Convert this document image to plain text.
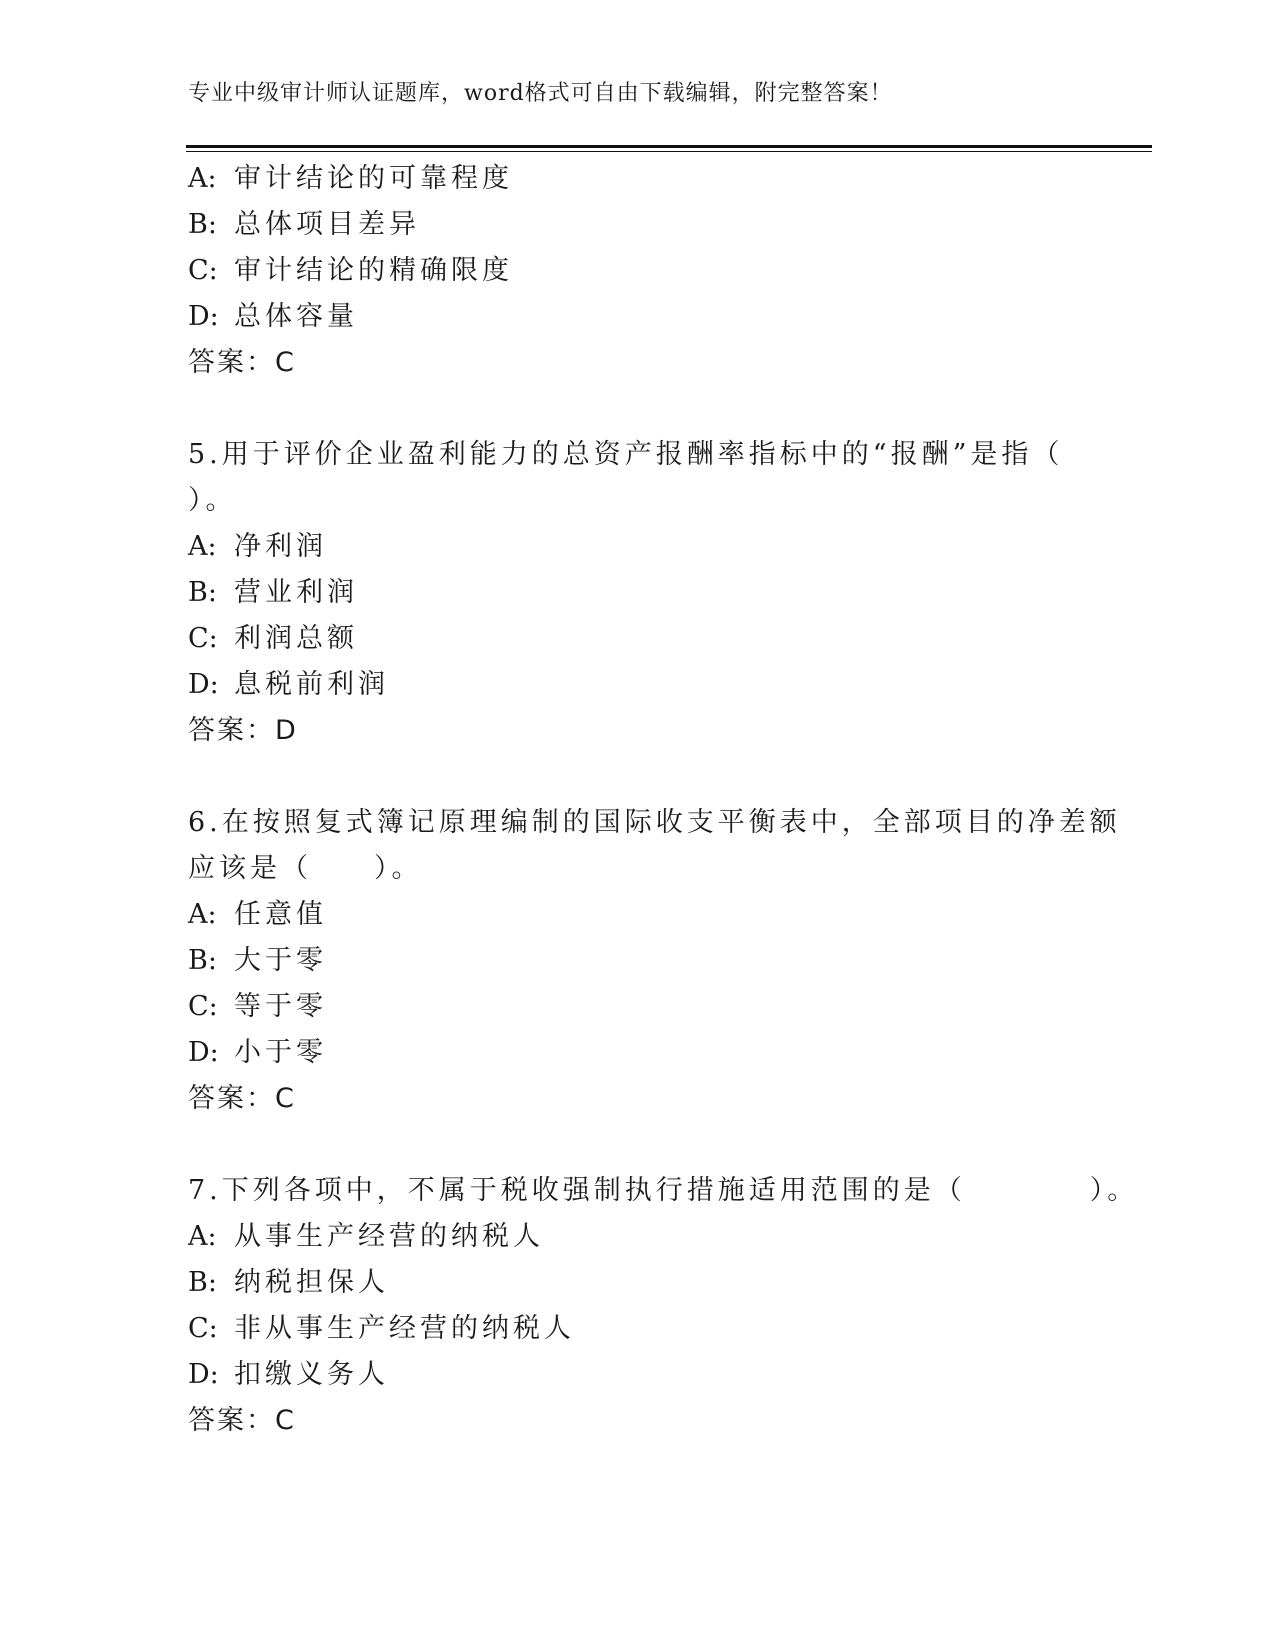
专业中级审计师认证题库，word格式可自由下载编辑，附完整答案！
A: 审计结论的可靠程度
B: 总体项目差异
C: 审计结论的精确限度
D: 总体容量
答案：C
5.用于评价企业盈利能力的总资产报酬率指标中的“报酬”是指（
）。
A: 净利润
B: 营业利润
C: 利润总额
D: 息税前利润
答案：D
6.在按照复式簿记原理编制的国际收支平衡表中，全部项目的净差额
应该是（　　）。
A: 任意值
B: 大于零
C: 等于零
D: 小于零
答案：C
7.下列各项中，不属于税收强制执行措施适用范围的是（　　　　）。
A: 从事生产经营的纳税人
B: 纳税担保人
C: 非从事生产经营的纳税人
D: 扣缴义务人
答案：C
